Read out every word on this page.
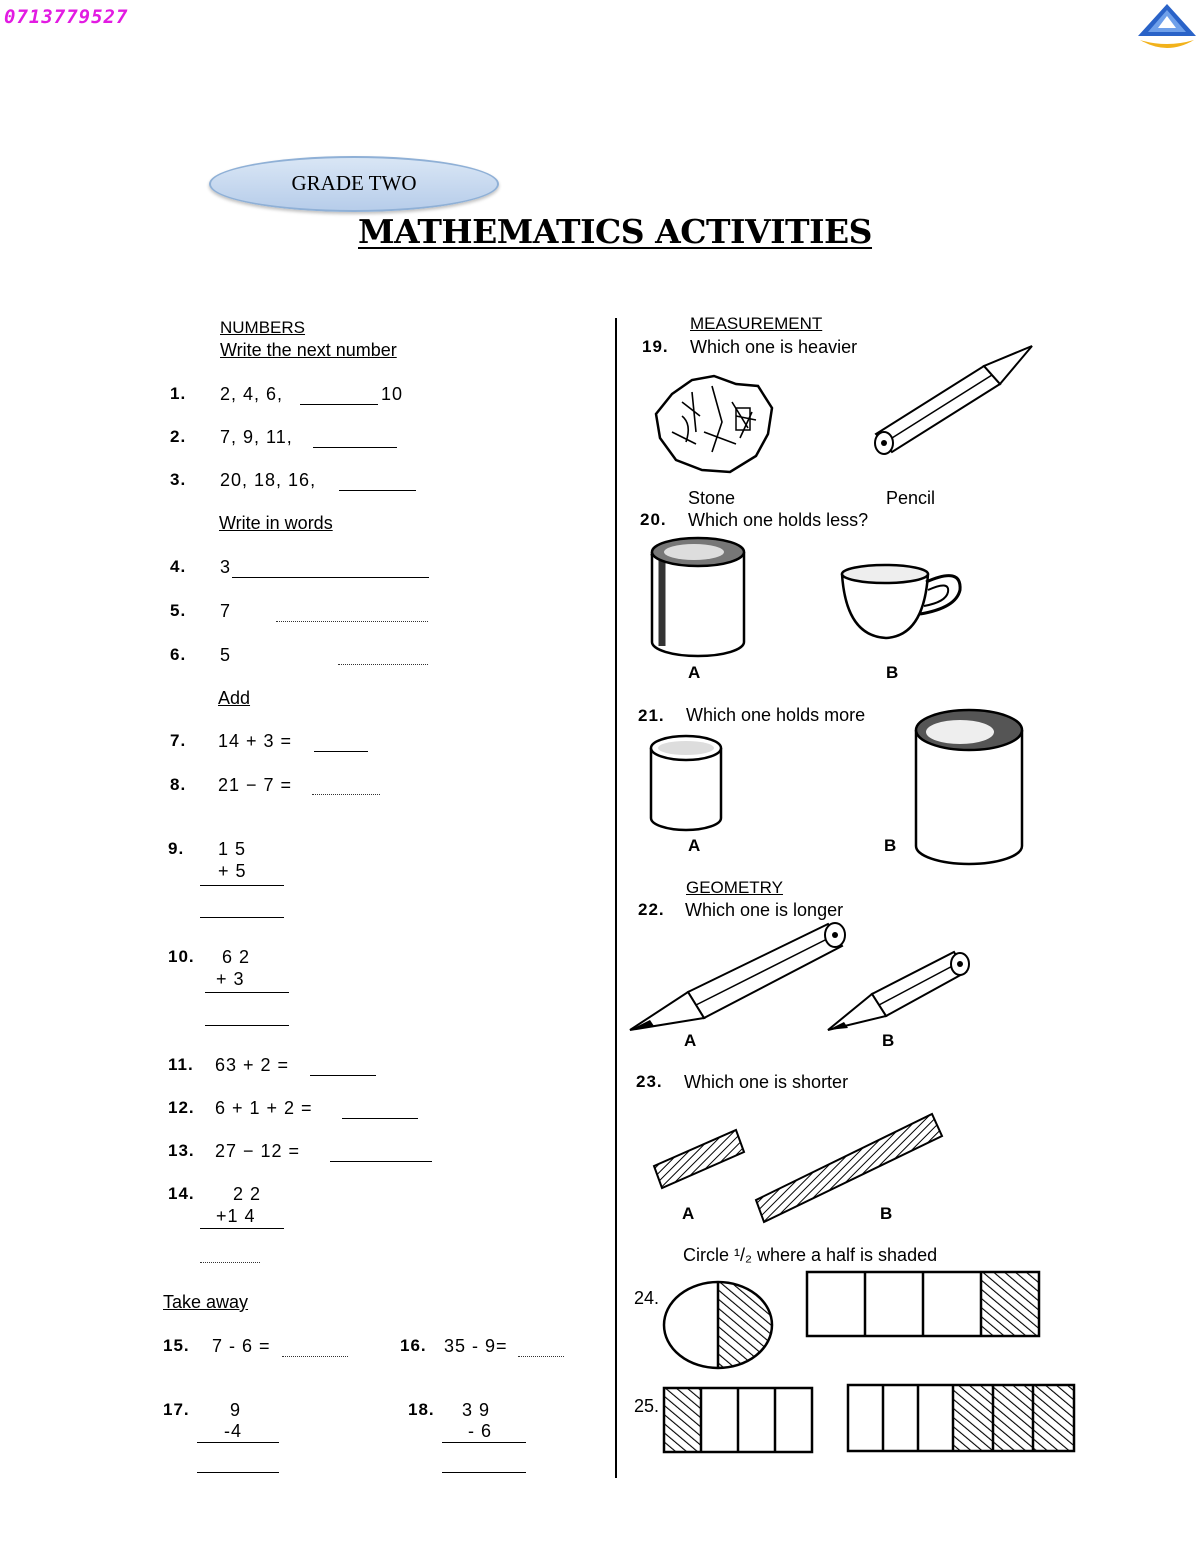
0713779527
GRADE TWO
MATHEMATICS ACTIVITIES
NUMBERS
Write the next number
1. 2, 4, 6,	10
2. 7, 9, 11,
3. 20, 18, 16,
Write in words
4. 3
5. 7
6. 5
Add
7. 14 + 3 =
8. 21 − 7 =
9. 1 5
+ 5
10. 6 2
+ 3
11. 63 + 2 =
12. 6 + 1 + 2 =
13. 27 − 12 =
14. 2 2
+1 4
Take away
15. 7 - 6 =	16. 35 - 9=
17. 9
-4
18. 3 9
- 6
MEASUREMENT
19. Which one is heavier
Stone	Pencil
20. Which one holds less?
A	B
21. Which one holds more
A	B
GEOMETRY
22. Which one is longer
A	B
23. Which one is shorter
A	B
Circle ¹/₂ where a half is shaded
24.
25.
